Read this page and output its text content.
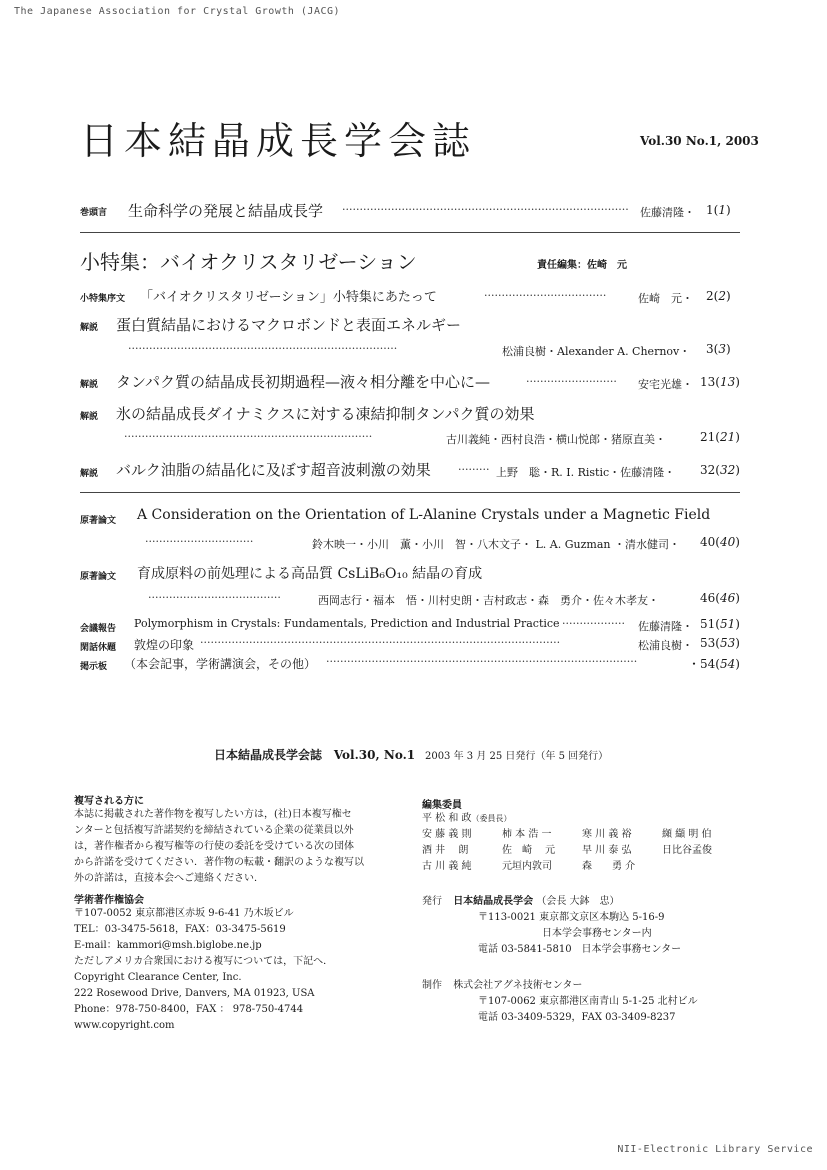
The Japanese Association for Crystal Growth (JACG)
日本結晶成長学会誌	Vol.30 No.1, 2003
巻頭言 生命科学の発展と結晶成長学 ·················································································· 佐藤清隆・ 1(1)
小特集：バイオクリスタリゼーション	責任編集：佐崎　元
小特集序文 「バイオクリスタリゼーション」小特集にあたって	···································	佐崎　元・ 2(2)
解説 蛋白質結晶におけるマクロボンドと表面エネルギー
·············································································	松浦良樹・Alexander A. Chernov・ 3(3)
解説 タンパク質の結晶成長初期過程—液々相分離を中心に—	·························· 安宅光雄・ 13(13)
解説 氷の結晶成長ダイナミクスに対する凍結抑制タンパク質の効果
·······································································	古川義純・西村良浩・横山悦郎・猪原直美・	21(21)
解説 バルク油脂の結晶化に及ぼす超音波刺激の効果 ········· 上野　聡・R. I. Ristic・佐藤清隆・ 32(32)
原著論文 A Consideration on the Orientation of L-Alanine Crystals under a Magnetic Field
·······························	鈴木映一・小川　薫・小川　智・八木文子・ L. A. Guzman ・清水健司・ 40(40)
原著論文 育成原料の前処理による高品質 CsLiB₆O₁₀ 結晶の育成
······································	西岡志行・福本　悟・川村史朗・吉村政志・森　勇介・佐々木孝友・	46(46)
会議報告 Polymorphism in Crystals: Fundamentals, Prediction and Industrial Practice ·················· 佐藤清隆・ 51(51)
閑話休題 敦煌の印象 ·······································································································	松浦良樹・ 53(53)
掲示板 （本会記事，学術講演会，その他） ·························································································	・54(54)
日本結晶成長学会誌 Vol.30, No.1 2003 年 3 月 25 日発行（年 5 回発行）
複写される方に
本誌に掲載された著作物を複写したい方は，(社)日本複写権セ
ンターと包括複写許諾契約を締結されている企業の従業員以外
は，著作権者から複写権等の行使の委託を受けている次の団体
から許諾を受けてください．著作物の転載・翻訳のような複写以
外の許諾は，直接本会へご連絡ください．
学術著作権協会
〒107-0052 東京都港区赤坂 9-6-41 乃木坂ビル
TEL：03-3475-5618，FAX：03-3475-5619
E-mail：kammori@msh.biglobe.ne.jp
ただしアメリカ合衆国における複写については，下記へ．
Copyright Clearance Center, Inc.
222 Rosewood Drive, Danvers, MA 01923, USA
Phone：978-750-8400，FAX ： 978-750-4744
www.copyright.com
編集委員
平 松 和 政（委員長）
安 藤 義 則	柿 本 浩 一	寒 川 義 裕	纐 纈 明 伯
酒 井　 朗	佐　崎　 元	早 川 泰 弘	日比谷孟俊
古 川 義 純	元垣内敦司	森　　勇 介
発行 日本結晶成長学会 （会長 大鉢　忠）
〒113-0021 東京都文京区本駒込 5-16-9
日本学会事務センター内
電話 03-5841-5810　日本学会事務センター
制作 株式会社アグネ技術センター
〒107-0062 東京都港区南青山 5-1-25 北村ビル
電話 03-3409-5329，FAX 03-3409-8237
NII-Electronic Library Service
